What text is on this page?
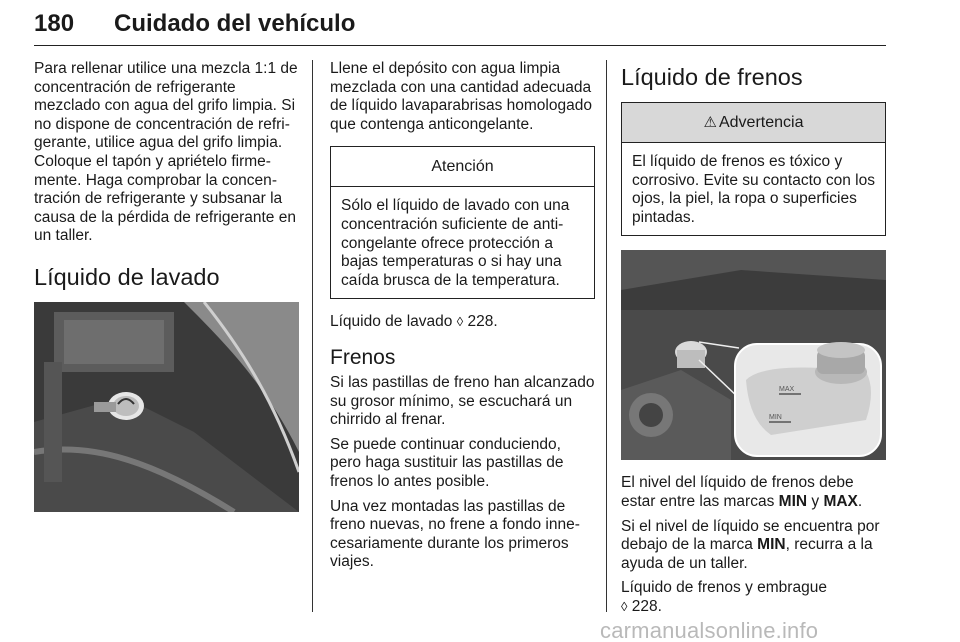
180 Cuidado del vehículo

Para rellenar utilice una mezcla 1:1 de concentración de refrigerante mezclado con agua del grifo limpia. Si no dispone de concentración de refrigerante, utilice agua del grifo limpia. Coloque el tapón y apriételo firmemente. Haga comprobar la concentración de refrigerante y subsanar la causa de la pérdida de refrigerante en un taller.

Líquido de lavado

Llene el depósito con agua limpia mezclada con una cantidad adecuada de líquido lavaparabrisas homologado que contenga anticongelante.

Atención
Sólo el líquido de lavado con una concentración suficiente de anticongelante ofrece protección a bajas temperaturas o si hay una caída brusca de la temperatura.

Líquido de lavado ◊ 228.

Frenos

Si las pastillas de freno han alcanzado su grosor mínimo, se escuchará un chirrido al frenar.

Se puede continuar conduciendo, pero haga sustituir las pastillas de frenos lo antes posible.

Una vez montadas las pastillas de freno nuevas, no frene a fondo innecesariamente durante los primeros viajes.

Líquido de frenos
⚠ Advertencia
El líquido de frenos es tóxico y corrosivo. Evite su contacto con los ojos, la piel, la ropa o superficies pintadas.
MAX
MIN

El nivel del líquido de frenos debe estar entre las marcas MIN y MAX.

Si el nivel de líquido se encuentra por debajo de la marca MIN, recurra a la ayuda de un taller.

Líquido de frenos y embrague
◊ 228.

carmanualsonline.info
